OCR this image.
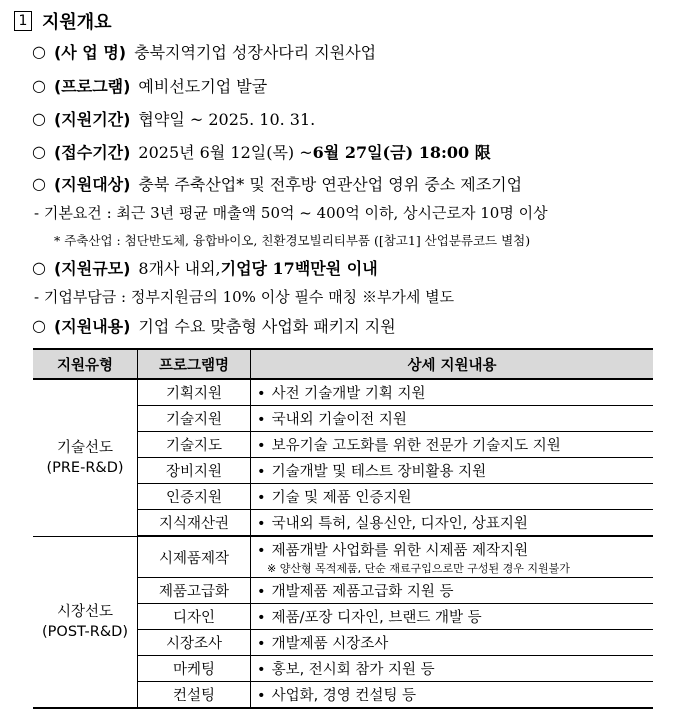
1 지원개요
○ (사 업 명) 충북지역기업 성장사다리 지원사업
○ (프로그램) 예비선도기업 발굴
○ (지원기간) 협약일 ~ 2025. 10. 31.
○ (접수기간) 2025년 6월 12일(목) ~ 6월 27일(금) 18:00 限
○ (지원대상) 충북 주축산업* 및 전후방 연관산업 영위 중소 제조기업
- 기본요건 : 최근 3년 평균 매출액 50억 ~ 400억 이하, 상시근로자 10명 이상
* 주축산업 : 첨단반도체, 융합바이오, 친환경모빌리티부품 ([참고1] 산업분류코드 별첨)
○ (지원규모) 8개사 내외, 기업당 17백만원 이내
- 기업부담금 : 정부지원금의 10% 이상 필수 매칭 ※부가세 별도
○ (지원내용) 기업 수요 맞춤형 사업화 패키지 지원
지원유형	프로그램명	상세 지원내용
기술선도
(PRE-R&D)	기획지원	• 사전 기술개발 기획 지원
	기술지원	• 국내외 기술이전 지원
	기술지도	• 보유기술 고도화를 위한 전문가 기술지도 지원
	장비지원	• 기술개발 및 테스트 장비활용 지원
	인증지원	• 기술 및 제품 인증지원
	지식재산권	• 국내외 특허, 실용신안, 디자인, 상표지원
시장선도
(POST-R&D)	시제품제작	• 제품개발 사업화를 위한 시제품 제작지원
※ 양산형 목적제품, 단순 재료구입으로만 구성된 경우 지원불가

	제품고급화	• 개발제품 제품고급화 지원 등
	디자인	• 제품/포장 디자인, 브랜드 개발 등
	시장조사	• 개발제품 시장조사
	마케팅	• 홍보, 전시회 참가 지원 등
	컨설팅	• 사업화, 경영 컨설팅 등
